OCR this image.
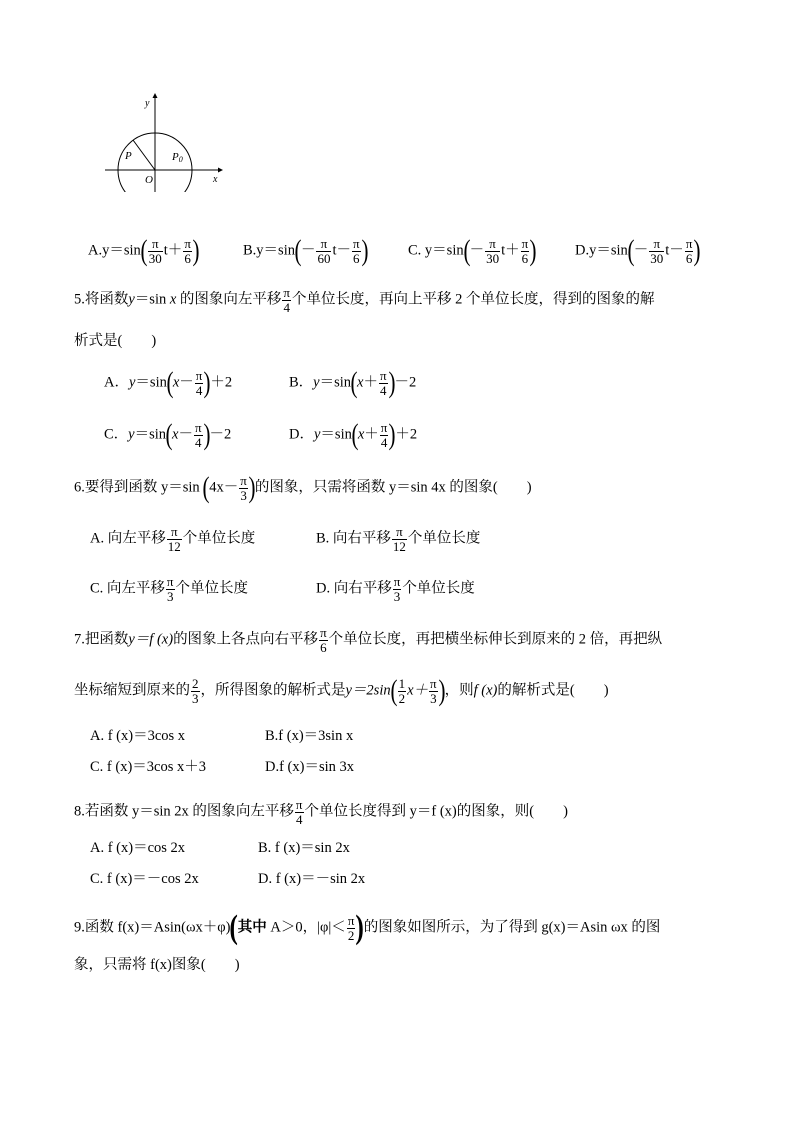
y
x
O
P	P0
$A.y=\sin( \frac{\pi}{30} t+ \frac{\pi}{6}$ )	$B.y=\sin(- \frac{\pi}{60} t- \frac{\pi}{6}$ )	C. $y=\sin(- \frac{\pi}{30} t+ \frac{\pi}{6}$ )	$D.y=\sin(- \frac{\pi}{30} t- \frac{\pi}{6}$ )
5.将函数y＝sin x 的图象向左平移 $\frac{\pi}{4}$ 个单位长度，再向上平移 2 个单位长度，得到的图象的解
析式是(　　)
A．$y=\sin(x- \frac{\pi}{4} )+2$	B．$y=\sin(x+ \frac{\pi}{4} )-2$
C．$y=\sin(x- \frac{\pi}{4} )-2$	D．$y=\sin(x+ \frac{\pi}{4} )+2$
6.要得到函数 y＝sin ($4x- \frac{\pi}{3}$ )的图象，只需将函数 y＝sin 4x 的图象(　　)
A. 向左平移 $\frac{\pi}{12}$ 个单位长度	B. 向右平移 $\frac{\pi}{12}$ 个单位长度
C. 向左平移 $\frac{\pi}{3}$ 个单位长度	D. 向右平移 $\frac{\pi}{3}$ 个单位长度
7.把函数y＝f (x)的图象上各点向右平移 $\frac{\pi}{6}$ 个单位长度，再把横坐标伸长到原来的 2 倍，再把纵
坐标缩短到原来的 $\frac{2}{3}$ ，所得图象的解析式是$y=2\sin( \frac{1}{2} x+ \frac{\pi}{3}$ )，则f (x)的解析式是(　　)
A. f (x)＝3cos x	B.f (x)＝3sin x
C. f (x)＝3cos x＋3	D.f (x)＝sin 3x
8.若函数 y＝sin 2x 的图象向左平移 $\frac{\pi}{4}$ 个单位长度得到 y＝f (x)的图象，则(　　)
A. f (x)＝cos 2x	B. f (x)＝sin 2x
C. f (x)＝－cos 2x	D. f (x)＝－sin 2x
9.函数 f(x)＝Asin(ωx＋φ)(其中 A＞0，$|\varphi|< \frac{\pi}{2}$ )的图象如图所示，为了得到 g(x)＝Asin ωx 的图
象，只需将 f(x)图象(　　)
